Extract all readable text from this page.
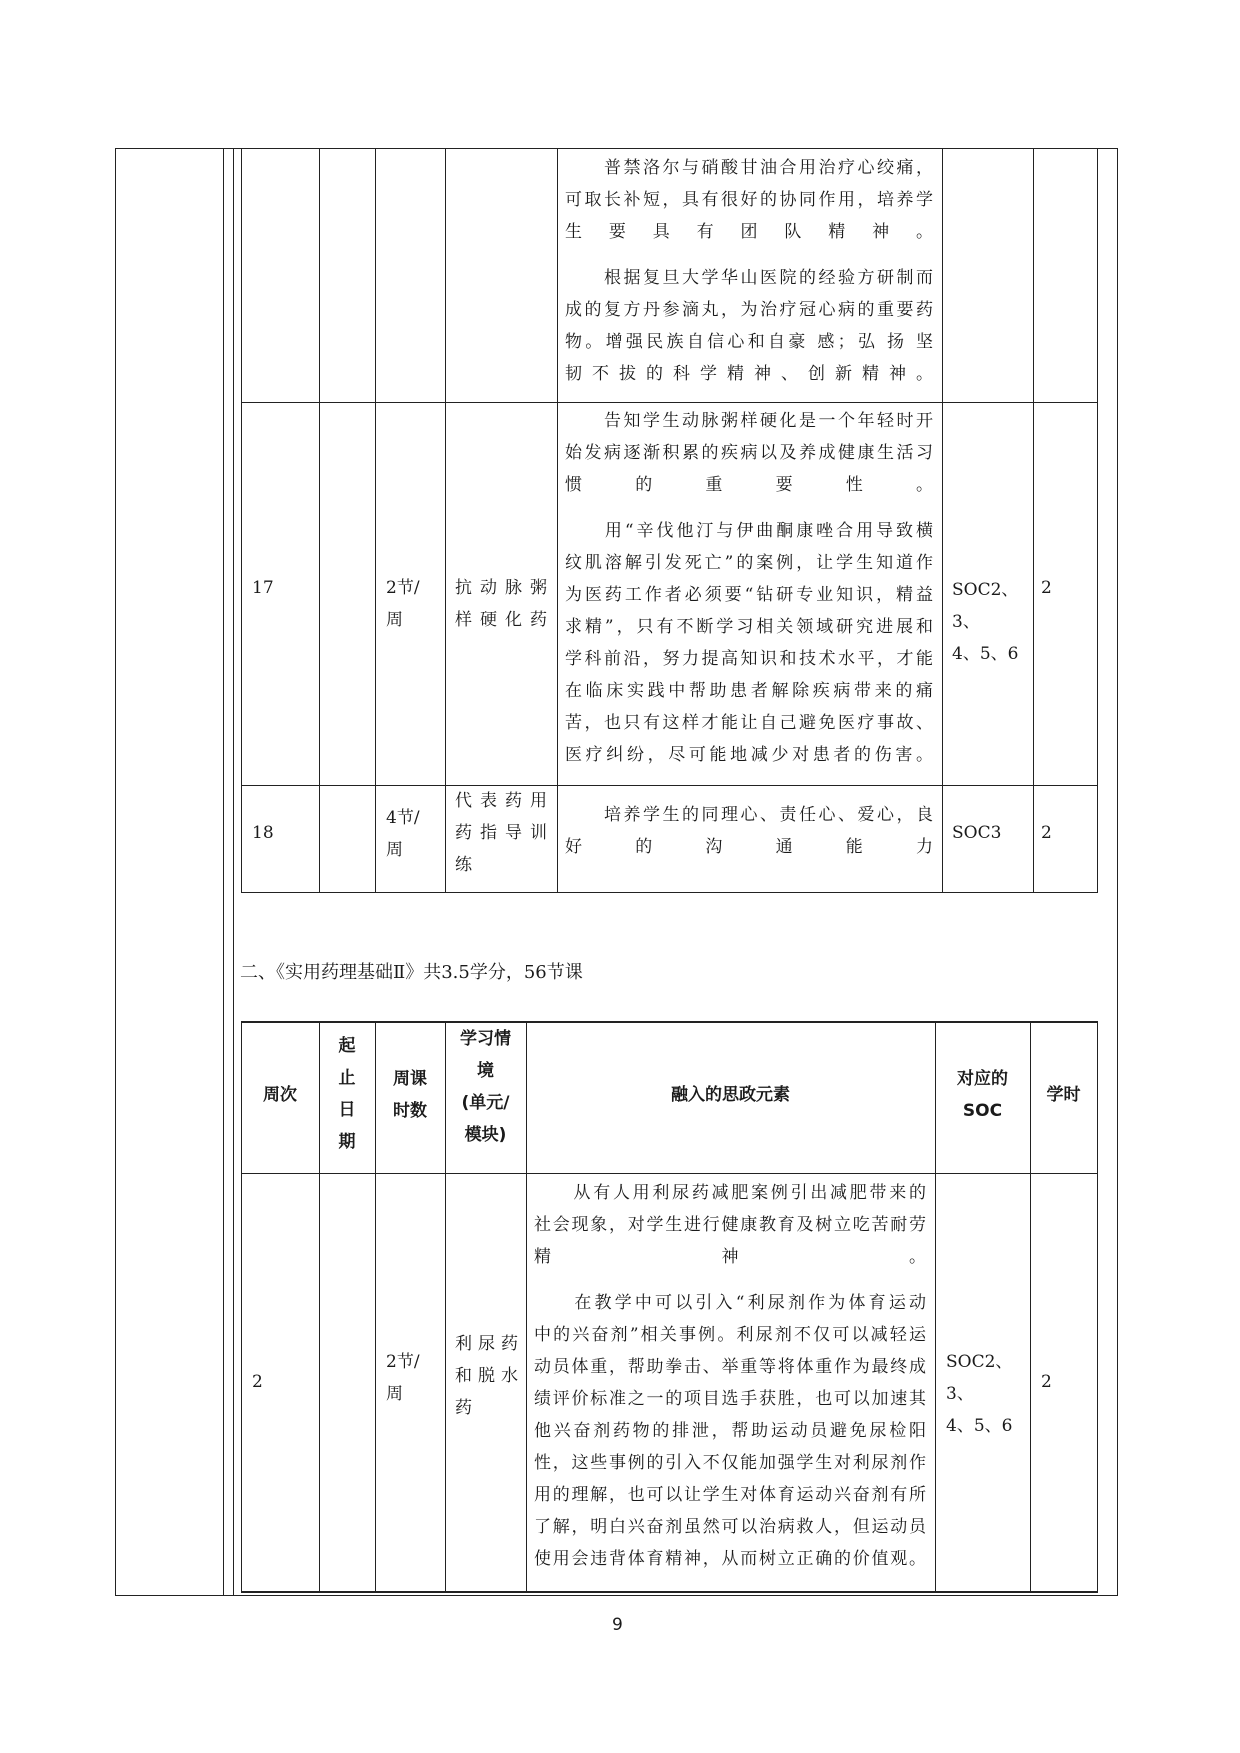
　　普禁洛尔与硝酸甘油合用治疗心绞痛，
可取长补短，具有很好的协同作用，培养学
生要具有团队精神。
　　根据复旦大学华山医院的经验方研制而
成的复方丹参滴丸，为治疗冠心病的重要药
物。增强民族自信心和自豪 感；弘 扬 坚
韧不拔的科学精神、创新精神。
17	2节/
周
抗动脉粥
样硬化药
　　告知学生动脉粥样硬化是一个年轻时开
始发病逐渐积累的疾病以及养成健康生活习
惯的重要性。
　　用“辛伐他汀与伊曲酮康唑合用导致横
纹肌溶解引发死亡”的案例，让学生知道作
为医药工作者必须要“钻研专业知识，精益
求精”，只有不断学习相关领域研究进展和
学科前沿，努力提高知识和技术水平，才能
在临床实践中帮助患者解除疾病带来的痛
苦，也只有这样才能让自己避免医疗事故、
医疗纠纷，尽可能地减少对患者的伤害。
SOC2、3、
4、5、6
2
18
4节/
周
代表药用
药指导训
练
　　培养学生的同理心、责任心、爱心，良
好的沟通能力
SOC3 2
二、《实用药理基础Ⅱ》共3.5学分，56节课
周次
起
止
日
期
周课
时数
学习情
境
(单元/
模块)
融入的思政元素
对应的
SOC
学时
2
2节/
周
利尿药
和脱水
药
　　从有人用利尿药减肥案例引出减肥带来的
社会现象，对学生进行健康教育及树立吃苦耐劳
精神。
　　在教学中可以引入“利尿剂作为体育运动
中的兴奋剂”相关事例。利尿剂不仅可以减轻运
动员体重，帮助拳击、举重等将体重作为最终成
绩评价标准之一的项目选手获胜，也可以加速其
他兴奋剂药物的排泄，帮助运动员避免尿检阳
性，这些事例的引入不仅能加强学生对利尿剂作
用的理解，也可以让学生对体育运动兴奋剂有所
了解，明白兴奋剂虽然可以治病救人，但运动员
使用会违背体育精神，从而树立正确的价值观。
SOC2、3、
4、5、6
2
9
